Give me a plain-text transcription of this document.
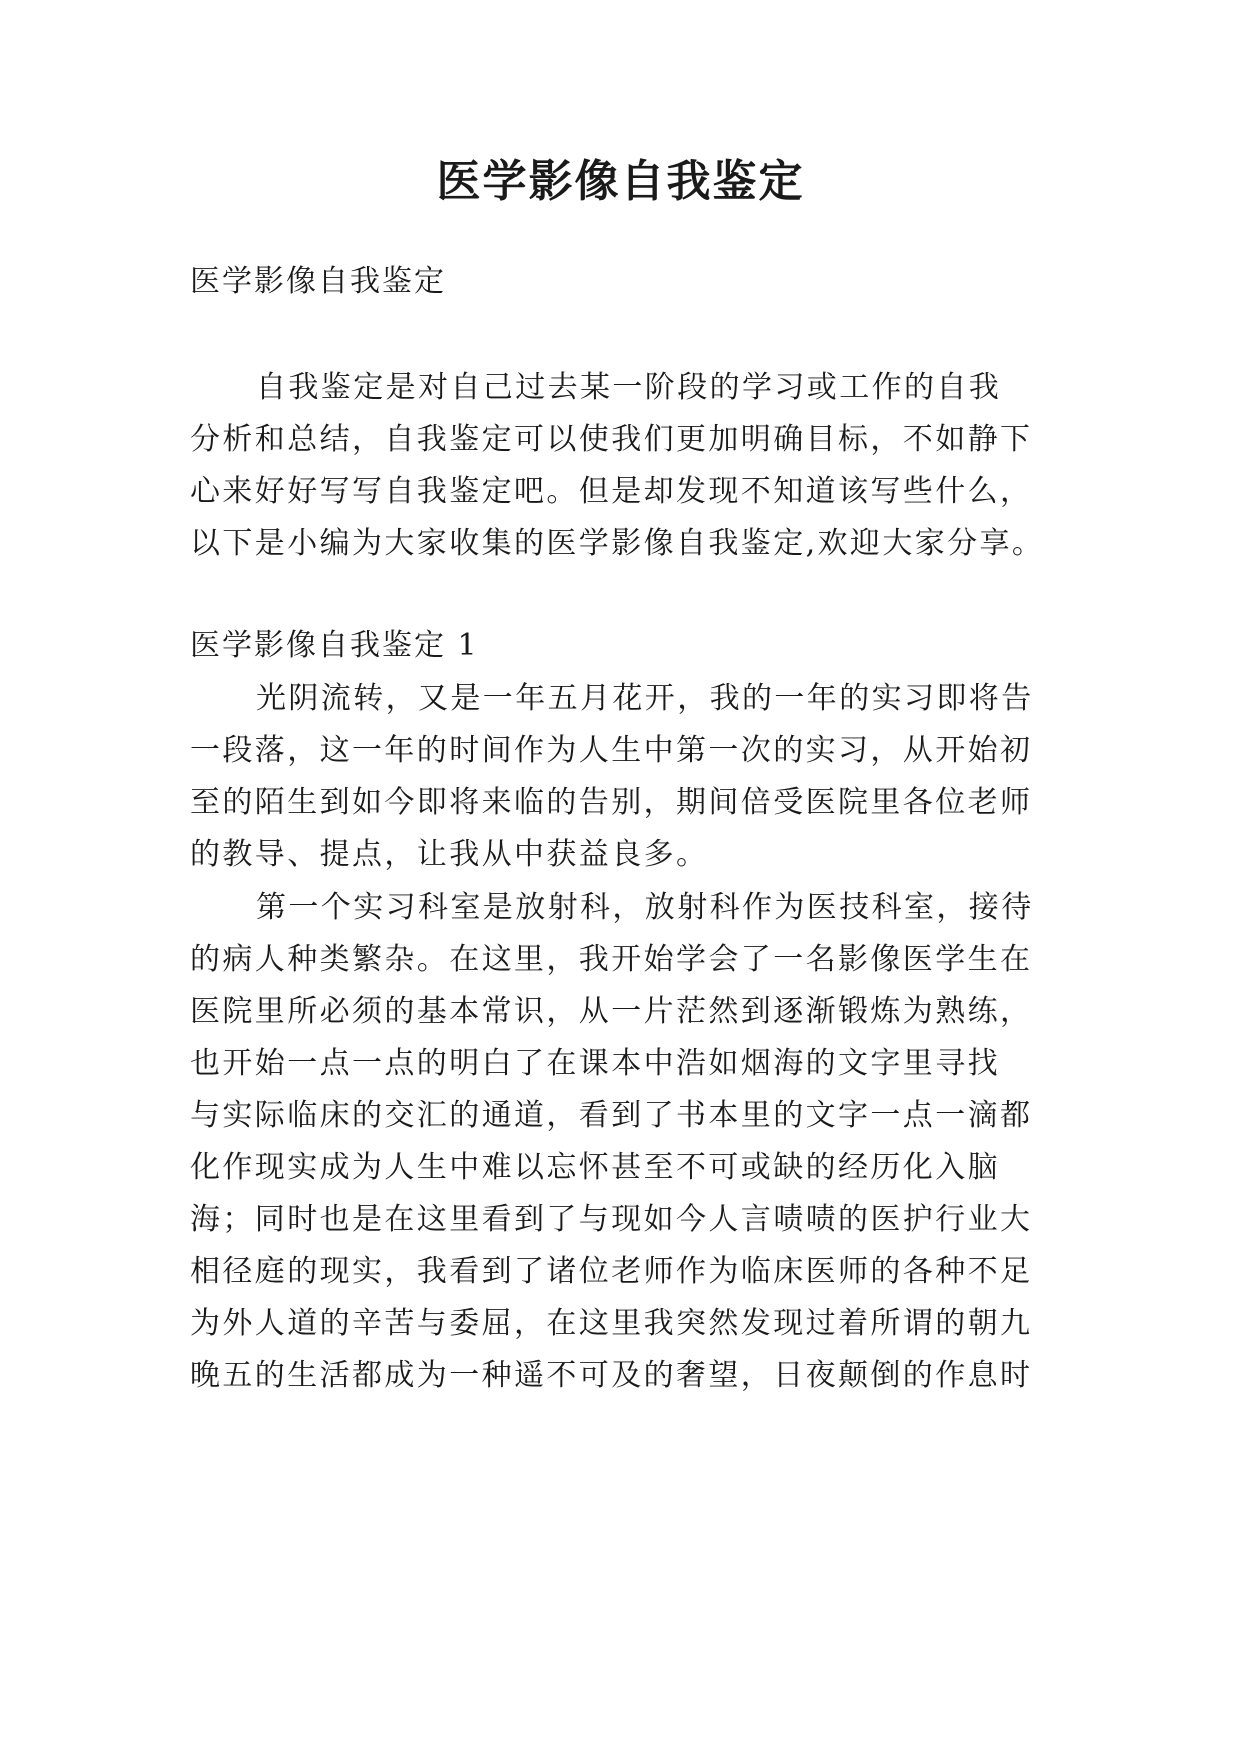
医学影像自我鉴定
医学影像自我鉴定
自我鉴定是对自己过去某一阶段的学习或工作的自我
分析和总结，自我鉴定可以使我们更加明确目标，不如静下
心来好好写写自我鉴定吧。但是却发现不知道该写些什么，
以下是小编为大家收集的医学影像自我鉴定,欢迎大家分享。
医学影像自我鉴定 1
光阴流转，又是一年五月花开，我的一年的实习即将告
一段落，这一年的时间作为人生中第一次的实习，从开始初
至的陌生到如今即将来临的告别，期间倍受医院里各位老师
的教导、提点，让我从中获益良多。
第一个实习科室是放射科，放射科作为医技科室，接待
的病人种类繁杂。在这里，我开始学会了一名影像医学生在
医院里所必须的基本常识，从一片茫然到逐渐锻炼为熟练，
也开始一点一点的明白了在课本中浩如烟海的文字里寻找
与实际临床的交汇的通道，看到了书本里的文字一点一滴都
化作现实成为人生中难以忘怀甚至不可或缺的经历化入脑
海；同时也是在这里看到了与现如今人言啧啧的医护行业大
相径庭的现实，我看到了诸位老师作为临床医师的各种不足
为外人道的辛苦与委屈，在这里我突然发现过着所谓的朝九
晚五的生活都成为一种遥不可及的奢望，日夜颠倒的作息时
